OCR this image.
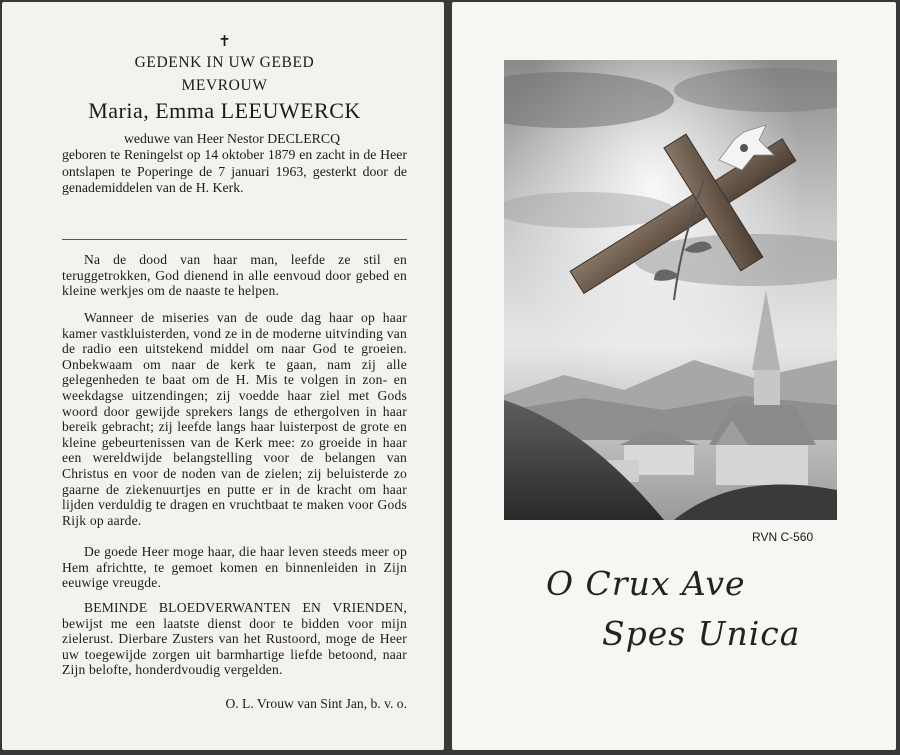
✝
GEDENK IN UW GEBED
MEVROUW
Maria, Emma LEEUWERCK
weduwe van Heer Nestor DECLERCQ
geboren te Reningelst op 14 oktober 1879 en zacht in de Heer ontslapen te Poperinge de 7 januari 1963, gesterkt door de genademiddelen van de H. Kerk.

Na de dood van haar man, leefde ze stil en teruggetrokken, God dienend in alle eenvoud door gebed en kleine werkjes om de naaste te helpen.

Wanneer de miseries van de oude dag haar op haar kamer vastkluisterden, vond ze in de moderne uitvinding van de radio een uitstekend middel om naar God te groeien. Onbekwaam om naar de kerk te gaan, nam zij alle gelegenheden te baat om de H. Mis te volgen in zon- en weekdagse uitzendingen; zij voedde haar ziel met Gods woord door gewijde sprekers langs de ethergolven in haar bereik gebracht; zij leefde langs haar luisterpost de grote en kleine gebeurtenissen van de Kerk mee: zo groeide in haar een wereldwijde belangstelling voor de belangen van Christus en voor de noden van de zielen; zij beluisterde zo gaarne de ziekenuurtjes en putte er in de kracht om haar lijden verduldig te dragen en vruchtbaat te maken voor Gods Rijk op aarde.

De goede Heer moge haar, die haar leven steeds meer op Hem africhtte, te gemoet komen en binnenleiden in Zijn eeuwige vreugde.

BEMINDE BLOEDVERWANTEN EN VRIENDEN, bewijst me een laatste dienst door te bidden voor mijn zielerust. Dierbare Zusters van het Rustoord, moge de Heer uw toegewijde zorgen uit barmhartige liefde betoond, naar Zijn belofte, honderdvoudig vergelden.

O. L. Vrouw van Sint Jan, b. v. o.
RVN C-560
O Crux Ave
Spes Unica
